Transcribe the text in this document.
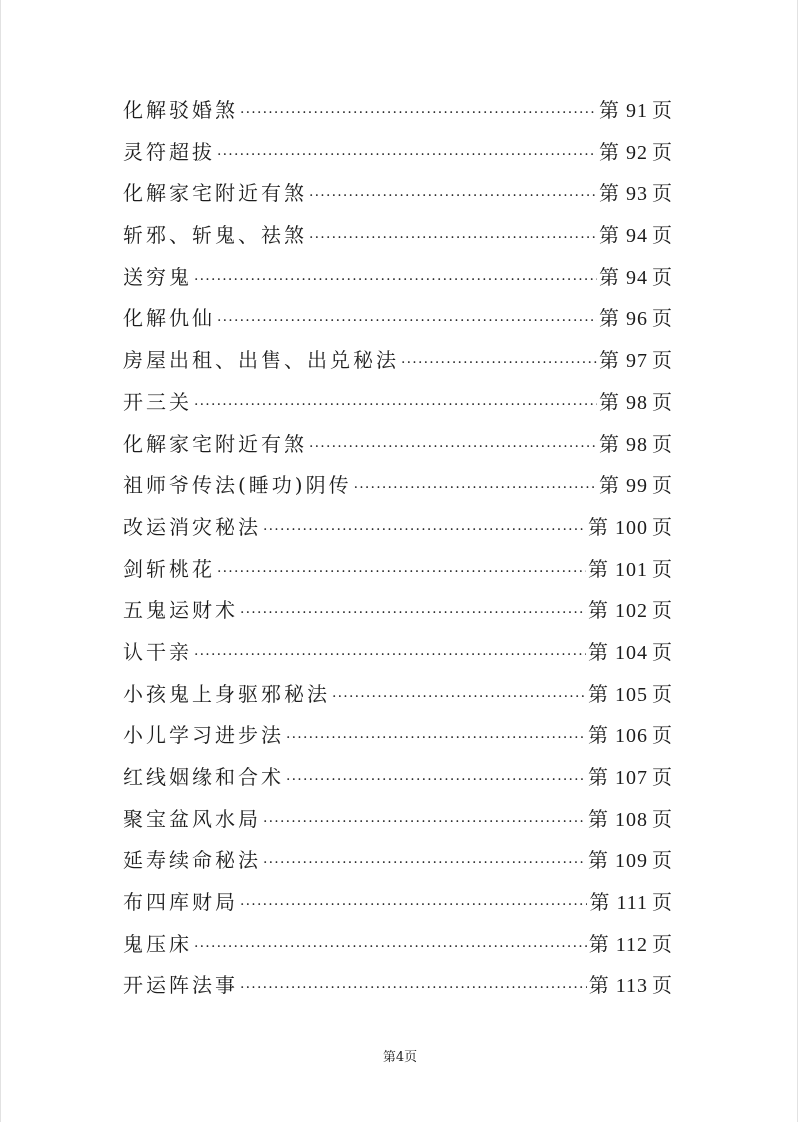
化解驳婚煞 ·····	第 91 页
灵符超拔 ·····	第 92 页
化解家宅附近有煞 ·····	第 93 页
斩邪、斩鬼、祛煞 ·····	第 94 页
送穷鬼 ·····	第 94 页
化解仇仙 ·····	第 96 页
房屋出租、出售、出兑秘法 ·····	第 97 页
开三关 ·····	第 98 页
化解家宅附近有煞 ·····	第 98 页
祖师爷传法(睡功)阴传 ·····	第 99 页
改运消灾秘法 ·····	第 100 页
剑斩桃花 ·····	第 101 页
五鬼运财术 ·····	第 102 页
认干亲 ·····	第 104 页
小孩鬼上身驱邪秘法 ·····	第 105 页
小儿学习进步法 ·····	第 106 页
红线姻缘和合术 ·····	第 107 页
聚宝盆风水局 ·····	第 108 页
延寿续命秘法 ·····	第 109 页
布四库财局 ·····	第 111 页
鬼压床 ·····	第 112 页
开运阵法事 ·····	第 113 页
第4页
